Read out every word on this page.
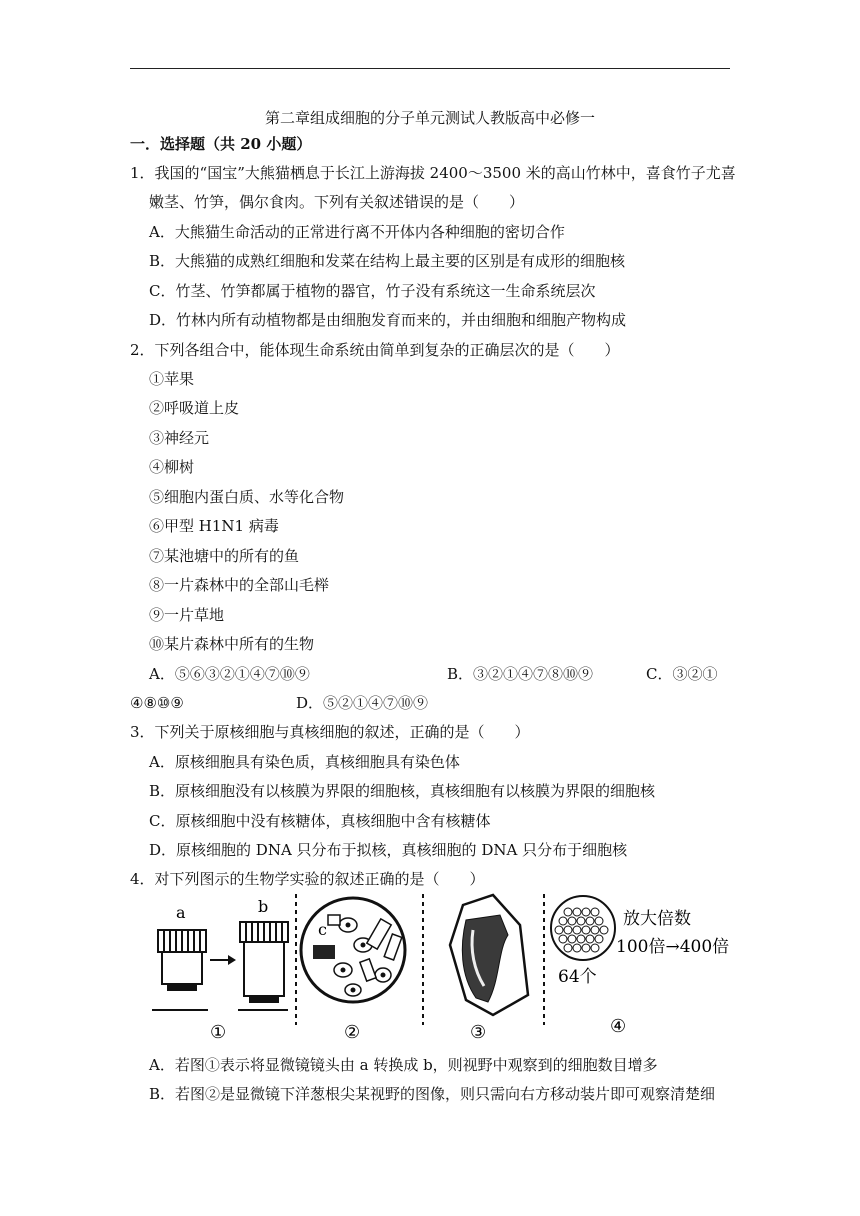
第二章组成细胞的分子单元测试人教版高中必修一
一．选择题（共 20 小题）
1．我国的“国宝”大熊猫栖息于长江上游海拔 2400～3500 米的高山竹林中，喜食竹子尤喜
嫩茎、竹笋，偶尔食肉。下列有关叙述错误的是（　　）
A．大熊猫生命活动的正常进行离不开体内各种细胞的密切合作
B．大熊猫的成熟红细胞和发菜在结构上最主要的区别是有成形的细胞核
C．竹茎、竹笋都属于植物的器官，竹子没有系统这一生命系统层次
D．竹林内所有动植物都是由细胞发育而来的，并由细胞和细胞产物构成
2．下列各组合中，能体现生命系统由简单到复杂的正确层次的是（　　）
①苹果
②呼吸道上皮
③神经元
④柳树
⑤细胞内蛋白质、水等化合物
⑥甲型 H1N1 病毒
⑦某池塘中的所有的鱼
⑧一片森林中的全部山毛榉
⑨一片草地
⑩某片森林中所有的生物
A．⑤⑥③②①④⑦⑩⑨	B．③②①④⑦⑧⑩⑨	C．③②①
④⑧⑩⑨	D．⑤②①④⑦⑩⑨
3．下列关于原核细胞与真核细胞的叙述，正确的是（　　）
A．原核细胞具有染色质，真核细胞具有染色体
B．原核细胞没有以核膜为界限的细胞核，真核细胞有以核膜为界限的细胞核
C．原核细胞中没有核糖体，真核细胞中含有核糖体
D．原核细胞的 DNA 只分布于拟核，真核细胞的 DNA 只分布于细胞核
4．对下列图示的生物学实验的叙述正确的是（　　）
a	b
①
c
②	③
放大倍数
100倍→400倍
64个
④
A．若图①表示将显微镜镜头由 a 转换成 b，则视野中观察到的细胞数目增多
B．若图②是显微镜下洋葱根尖某视野的图像，则只需向右方移动装片即可观察清楚细
